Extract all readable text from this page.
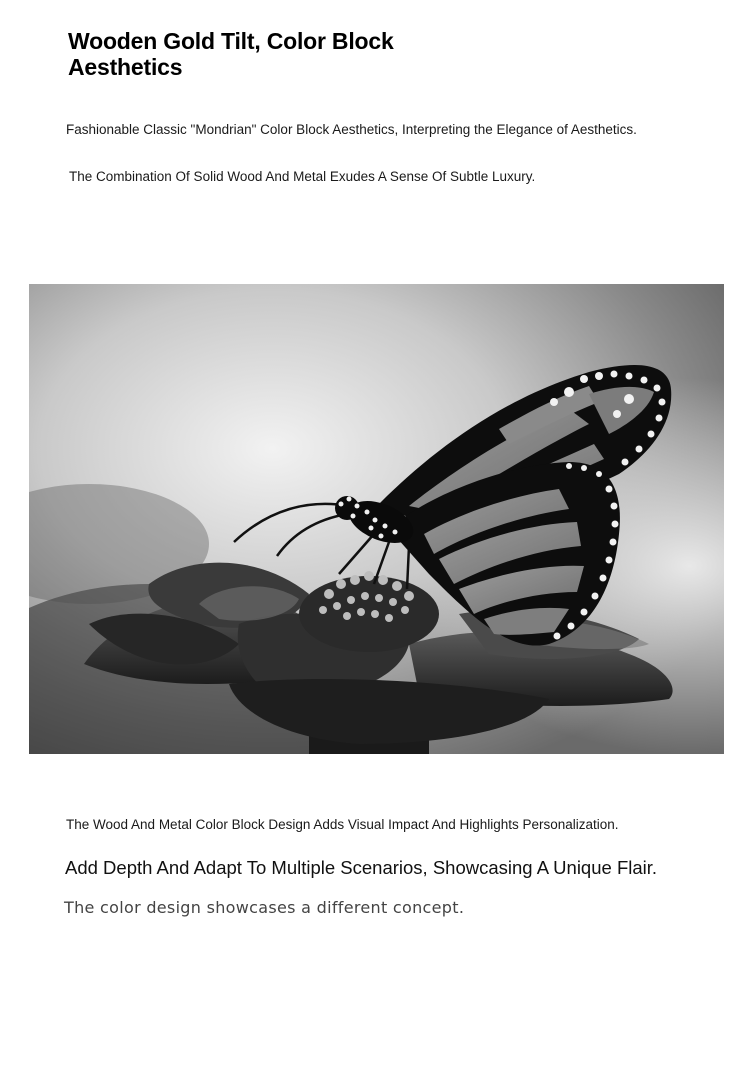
Wooden Gold Tilt, Color Block Aesthetics

Fashionable Classic "Mondrian" Color Block Aesthetics, Interpreting the Elegance of Aesthetics.

The Combination Of Solid Wood And Metal Exudes A Sense Of Subtle Luxury.

The Wood And Metal Color Block Design Adds Visual Impact And Highlights Personalization.

Add Depth And Adapt To Multiple Scenarios, Showcasing A Unique Flair.

The color design showcases a different concept.
